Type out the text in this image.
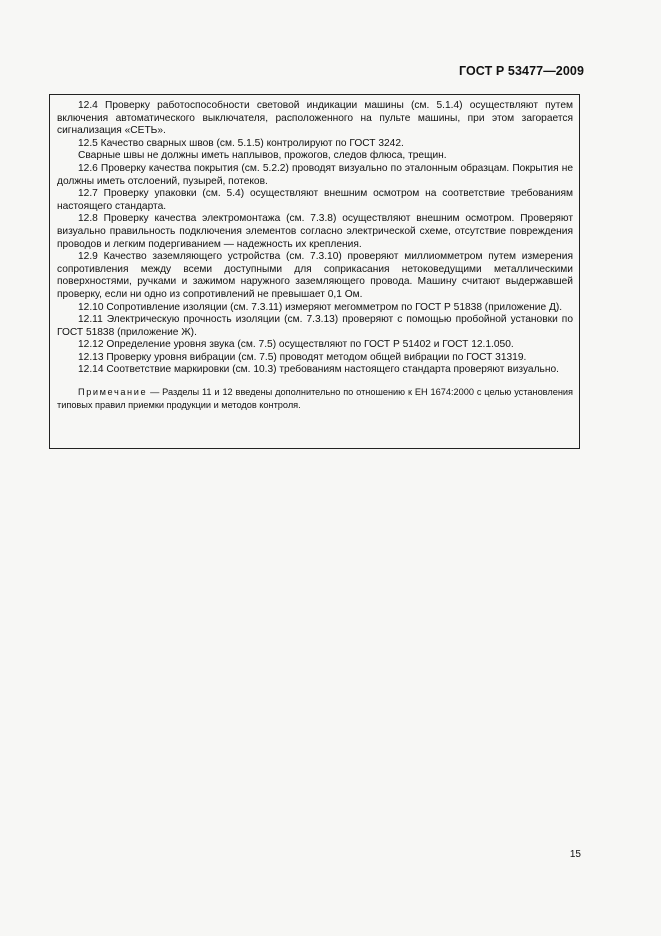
ГОСТ Р 53477—2009

12.4 Проверку работоспособности световой индикации машины (см. 5.1.4) осуществляют путем включения автоматического выключателя, расположенного на пульте машины, при этом загорается сигнализация «СЕТЬ».

12.5 Качество сварных швов (см. 5.1.5) контролируют по ГОСТ 3242.

Сварные швы не должны иметь наплывов, прожогов, следов флюса, трещин.

12.6 Проверку качества покрытия (см. 5.2.2) проводят визуально по эталонным образцам. Покрытия не должны иметь отслоений, пузырей, потеков.

12.7 Проверку упаковки (см. 5.4) осуществляют внешним осмотром на соответствие требованиям настоящего стандарта.

12.8 Проверку качества электромонтажа (см. 7.3.8) осуществляют внешним осмотром. Проверяют визуально правильность подключения элементов согласно электрической схеме, отсутствие повреждения проводов и легким подергиванием — надежность их крепления.

12.9 Качество заземляющего устройства (см. 7.3.10) проверяют миллиомметром путем измерения сопротивления между всеми доступными для соприкасания нетоковедущими металлическими поверхностями, ручками и зажимом наружного заземляющего провода. Машину считают выдержавшей проверку, если ни одно из сопротивлений не превышает 0,1 Ом.

12.10 Сопротивление изоляции (см. 7.3.11) измеряют мегомметром по ГОСТ Р 51838 (приложение Д).

12.11 Электрическую прочность изоляции (см. 7.3.13) проверяют с помощью пробойной установки по ГОСТ 51838 (приложение Ж).

12.12 Определение уровня звука (см. 7.5) осуществляют по ГОСТ Р 51402 и ГОСТ 12.1.050.

12.13 Проверку уровня вибрации (см. 7.5) проводят методом общей вибрации по ГОСТ 31319.

12.14 Соответствие маркировки (см. 10.3) требованиям настоящего стандарта проверяют визуально.

Примечание — Разделы 11 и 12 введены дополнительно по отношению к ЕН 1674:2000 с целью установления типовых правил приемки продукции и методов контроля.

15
